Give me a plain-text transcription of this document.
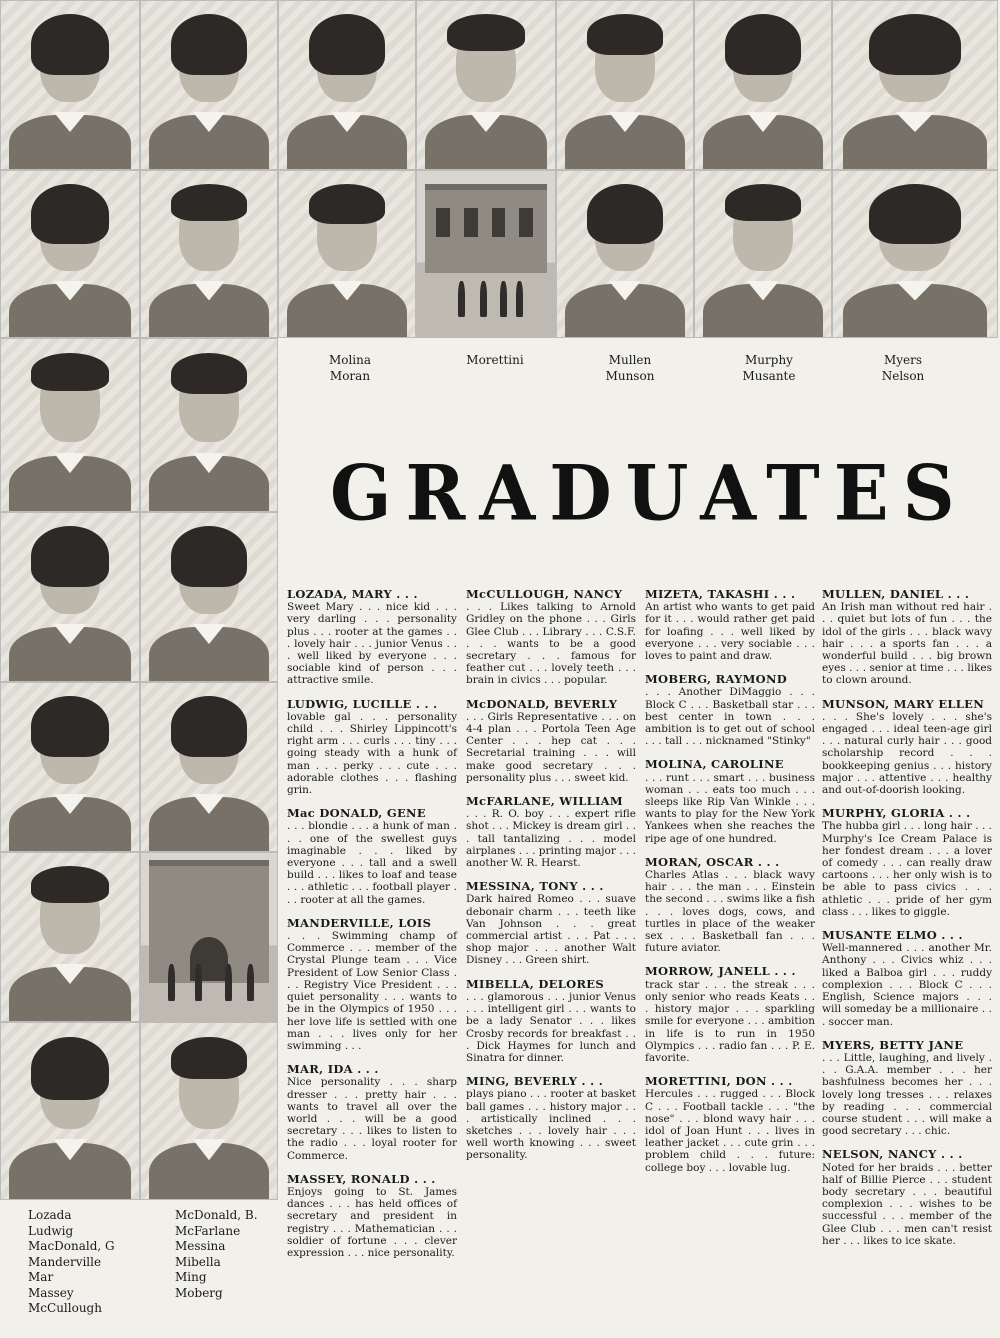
Molina
Moran
Morettini	Mullen
Munson
Murphy
Musante
Myers
Nelson
GRADUATES
Lozada
Ludwig
MacDonald, G
Manderville
Mar
Massey
McCullough
McDonald, B.
McFarlane
Messina
Mibella
Ming
Moberg
LOZADA, MARY . . .
Sweet Mary . . . nice kid . . . very darling . . . personality plus . . . rooter at the games . . . lovely hair . . . junior Venus . . . well liked by everyone . . . sociable kind of person . . . attractive smile.
LUDWIG, LUCILLE . . .
lovable gal . . . personality child . . . Shirley Lippincott's right arm . . . curls . . . tiny . . . going steady with a hunk of man . . . perky . . . cute . . . adorable clothes . . . flashing grin.
Mac DONALD, GENE
. . . blondie . . . a hunk of man . . . one of the swellest guys imaginable . . . liked by everyone . . . tall and a swell build . . . likes to loaf and tease . . . athletic . . . football player . . . rooter at all the games.
MANDERVILLE, LOIS
. . . Swimming champ of Commerce . . . member of the Crystal Plunge team . . . Vice President of Low Senior Class . . . Registry Vice President . . . quiet personality . . . wants to be in the Olympics of 1950 . . . her love life is settled with one man . . . lives only for her swimming . . .
MAR, IDA . . .
Nice personality . . . sharp dresser . . . pretty hair . . . wants to travel all over the world . . . will be a good secretary . . . likes to listen to the radio . . . loyal rooter for Commerce.
MASSEY, RONALD . . .
Enjoys going to St. James dances . . . has held offices of secretary and president in registry . . . Mathematician . . . soldier of fortune . . . clever expression . . . nice personality.
McCULLOUGH, NANCY
. . . Likes talking to Arnold Gridley on the phone . . . Girls Glee Club . . . Library . . . C.S.F. . . . wants to be a good secretary . . . famous for feather cut . . . lovely teeth . . . brain in civics . . . popular.
McDONALD, BEVERLY
. . . Girls Representative . . . on 4-4 plan . . . Portola Teen Age Center . . . hep cat . . . Secretarial training . . . will make good secretary . . . personality plus . . . sweet kid.
McFARLANE, WILLIAM
. . . R. O. boy . . . expert rifle shot . . . Mickey is dream girl . . . tall tantalizing . . . model airplanes . . . printing major . . . another W. R. Hearst.
MESSINA, TONY . . .
Dark haired Romeo . . . suave debonair charm . . . teeth like Van Johnson . . . great commercial artist . . . Pat . . . shop major . . . another Walt Disney . . . Green shirt.
MIBELLA, DELORES
. . . glamorous . . . junior Venus . . . intelligent girl . . . wants to be a lady Senator . . . likes Crosby records for breakfast . . . Dick Haymes for lunch and Sinatra for dinner.
MING, BEVERLY . . .
plays piano . . . rooter at basket ball games . . . history major . . . artistically inclined . . . sketches . . . lovely hair . . . well worth knowing . . . sweet personality.
MIZETA, TAKASHI . . .
An artist who wants to get paid for it . . . would rather get paid for loafing . . . well liked by everyone . . . very sociable . . . loves to paint and draw.
MOBERG, RAYMOND
. . . Another DiMaggio . . . Block C . . . Basketball star . . . best center in town . . . ambition is to get out of school . . . tall . . . nicknamed "Stinky"
MOLINA, CAROLINE
. . . runt . . . smart . . . business woman . . . eats too much . . . sleeps like Rip Van Winkle . . . wants to play for the New York Yankees when she reaches the ripe age of one hundred.
MORAN, OSCAR . . .
Charles Atlas . . . black wavy hair . . . the man . . . Einstein the second . . . swims like a fish . . . loves dogs, cows, and turtles in place of the weaker sex . . . Basketball fan . . . future aviator.
MORROW, JANELL . . .
track star . . . the streak . . . only senior who reads Keats . . . history major . . . sparkling smile for everyone . . . ambition in life is to run in 1950 Olympics . . . radio fan . . . P. E. favorite.
MORETTINI, DON . . .
Hercules . . . rugged . . . Block C . . . Football tackle . . . "the nose" . . . blond wavy hair . . . idol of Joan Hunt . . . lives in leather jacket . . . cute grin . . . problem child . . . future: college boy . . . lovable lug.
MULLEN, DANIEL . . .
An Irish man without red hair . . . quiet but lots of fun . . . the idol of the girls . . . black wavy hair . . . a sports fan . . . a wonderful build . . . big brown eyes . . . senior at time . . . likes to clown around.
MUNSON, MARY ELLEN
. . . She's lovely . . . she's engaged . . . ideal teen-age girl . . . natural curly hair . . . good scholarship record . . . bookkeeping genius . . . history major . . . attentive . . . healthy and out-of-doorish looking.
MURPHY, GLORIA . . .
The hubba girl . . . long hair . . . Murphy's Ice Cream Palace is her fondest dream . . . a lover of comedy . . . can really draw cartoons . . . her only wish is to be able to pass civics . . . athletic . . . pride of her gym class . . . likes to giggle.
MUSANTE ELMO . . .
Well-mannered . . . another Mr. Anthony . . . Civics whiz . . . liked a Balboa girl . . . ruddy complexion . . . Block C . . . English, Science majors . . . will someday be a millionaire . . . soccer man.
MYERS, BETTY JANE
. . . Little, laughing, and lively . . . G.A.A. member . . . her bashfulness becomes her . . . lovely long tresses . . . relaxes by reading . . . commercial course student . . . will make a good secretary . . . chic.
NELSON, NANCY . . .
Noted for her braids . . . better half of Billie Pierce . . . student body secretary . . . beautiful complexion . . . wishes to be successful . . . member of the Glee Club . . . men can't resist her . . . likes to ice skate.
